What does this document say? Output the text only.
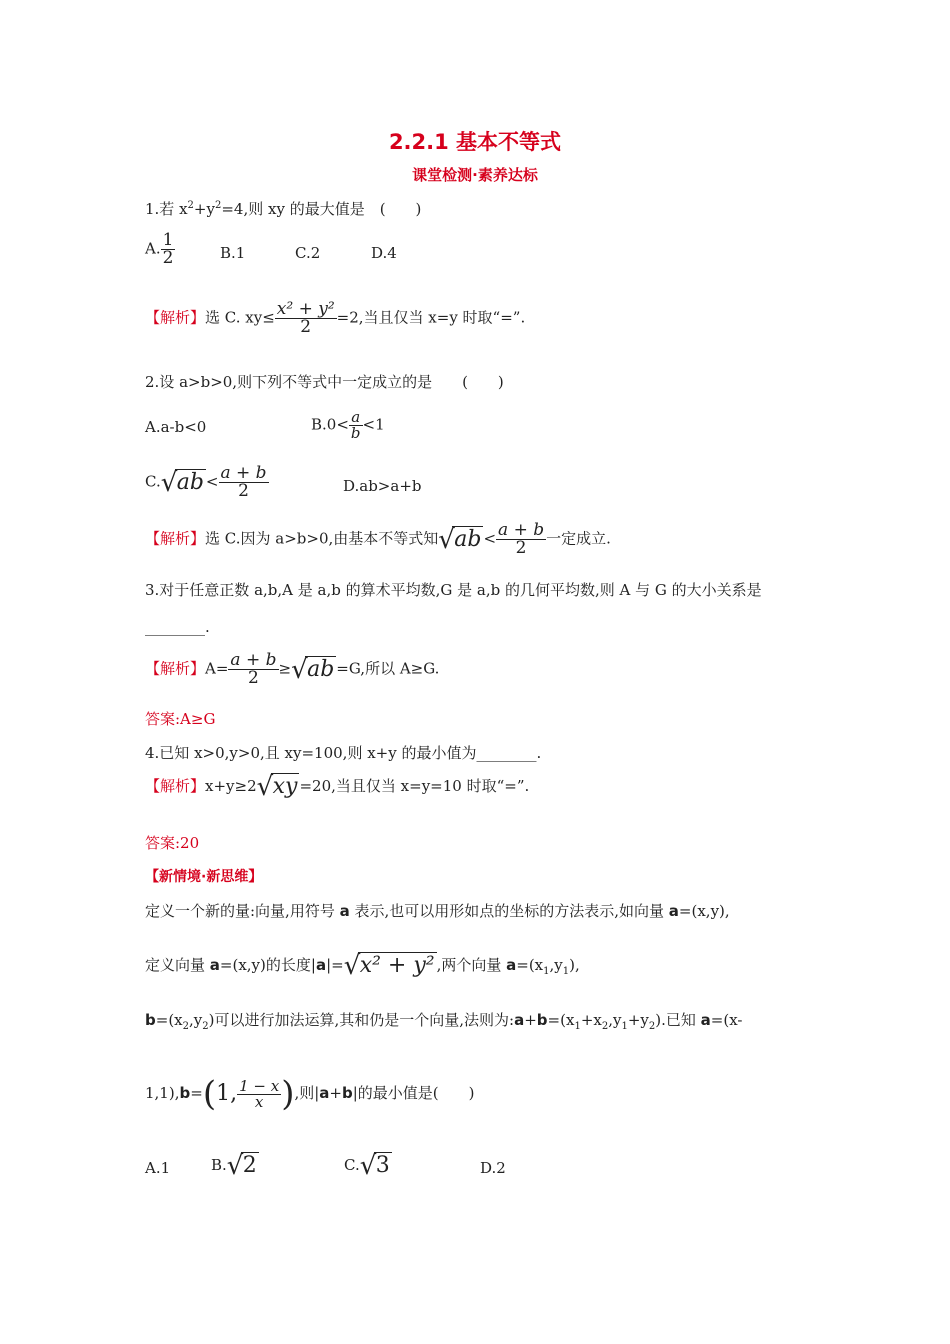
2.2.1 基本不等式
课堂检测·素养达标
1.若 $x^2+y^2=4$,则 xy 的最大值是　(　　)
A. $\frac{1}{2}$	B.1	C.2	D.4
【解析】选 C. $xy\le \frac{\text{x² + y²}}{2} =2$,当且仅当 x=y 时取“=”.
2.设 a>b>0,则下列不等式中一定成立的是　　(　　)
A.a-b<0	$B.0< \frac{a}{b} <1$
C. √ ab < $\frac{a + b}{2}$	D.ab>a+b
【解析】选 C.因为 a>b>0,由基本不等式知 √ ab < $\frac{a + b}{2}$ 一定成立.
3.对于任意正数 a,b,A 是 a,b 的算术平均数,G 是 a,b 的几何平均数,则 A 与 G 的大小关系是
________.
【解析】$A= \frac{a + b}{2}$ ≥ √ ab =G,所以 A≥G.
答案:A≥G
4.已知 x>0,y>0,且 xy=100,则 x+y 的最小值为________.
【解析】x+y≥2 √ xy =20,当且仅当 x=y=10 时取“=”.
答案:20
【新情境·新思维】
定义一个新的量:向量,用符号 a 表示,也可以用形如点的坐标的方法表示,如向量 a=(x,y),
定义向量 a=(x,y)的长度|a|= √ x² + y² ,两个向量 $a=(x_1,y_1)$,
$b=(x_2,y_2)$可以进行加法运算,其和仍是一个向量,法则为$:a+b=(x_1+x_2,y_1+y_2)$.已知 a=(x-
1,1),b=(1, $\frac{1 - x}{x}$ ),则|a+b|的最小值是(　　)
A.1	B. √ 2	C. √ 3	D.2
